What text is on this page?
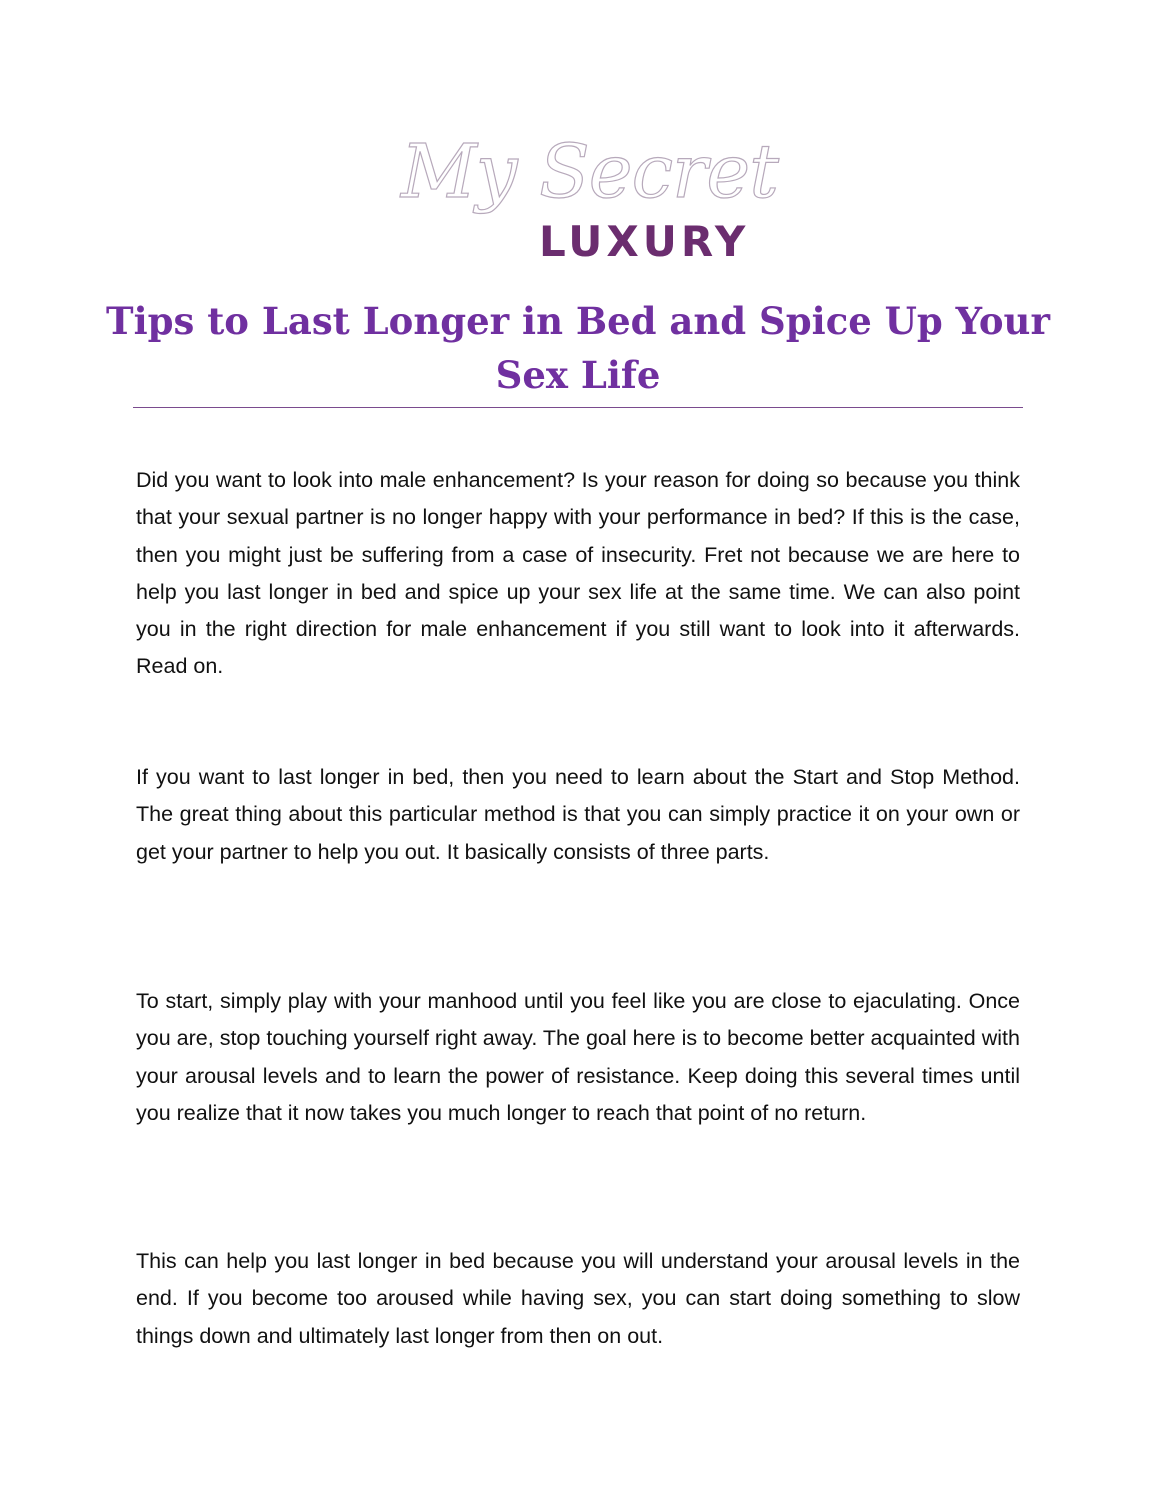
My Secret
LUXURY
Tips to Last Longer in Bed and Spice Up Your Sex Life

Did you want to look into male enhancement? Is your reason for doing so because you think that your sexual partner is no longer happy with your performance in bed? If this is the case, then you might just be suffering from a case of insecurity. Fret not because we are here to help you last longer in bed and spice up your sex life at the same time. We can also point you in the right direction for male enhancement if you still want to look into it afterwards. Read on.

If you want to last longer in bed, then you need to learn about the Start and Stop Method. The great thing about this particular method is that you can simply practice it on your own or get your partner to help you out. It basically consists of three parts.

To start, simply play with your manhood until you feel like you are close to ejaculating. Once you are, stop touching yourself right away. The goal here is to become better acquainted with your arousal levels and to learn the power of resistance. Keep doing this several times until you realize that it now takes you much longer to reach that point of no return.

This can help you last longer in bed because you will understand your arousal levels in the end. If you become too aroused while having sex, you can start doing something to slow things down and ultimately last longer from then on out.
